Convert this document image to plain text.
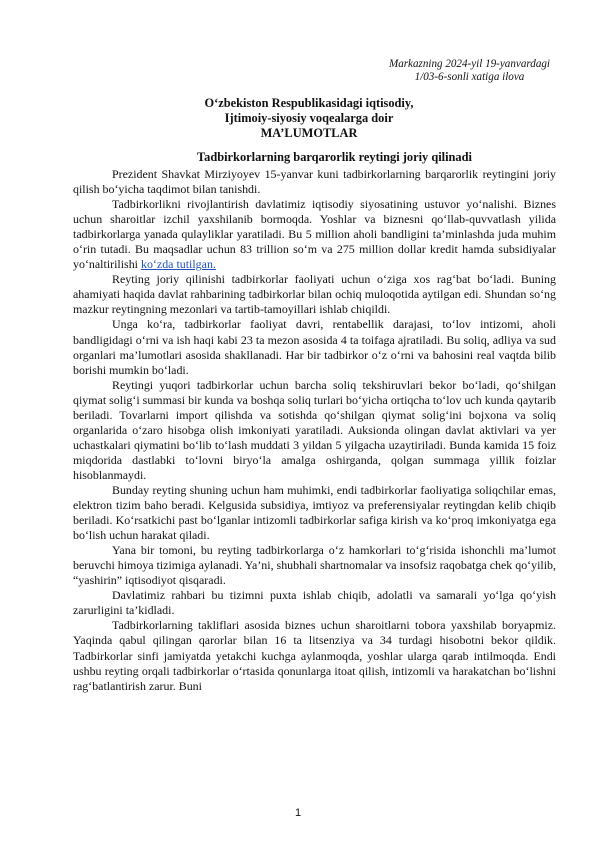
Markazning 2024-yil 19-yanvardagi
1/03-6-sonli xatiga ilova
O‘zbekiston Respublikasidagi iqtisodiy,
Ijtimoiy-siyosiy voqealarga doir
MA’LUMOTLAR
Tadbirkorlarning barqarorlik reytingi joriy qilinadi

Prezident Shavkat Mirziyoyev 15-yanvar kuni tadbirkorlarning barqarorlik reytingini joriy qilish bo‘yicha taqdimot bilan tanishdi.

Tadbirkorlikni rivojlantirish davlatimiz iqtisodiy siyosatining ustuvor yo‘nalishi. Biznes uchun sharoitlar izchil yaxshilanib bormoqda. Yoshlar va biznesni qo‘llab-quvvatlash yilida tadbirkorlarga yanada qulayliklar yaratiladi. Bu 5 million aholi bandligini ta’minlashda juda muhim o‘rin tutadi. Bu maqsadlar uchun 83 trillion so‘m va 275 million dollar kredit hamda subsidiyalar yo‘naltirilishi ko‘zda tutilgan.

Reyting joriy qilinishi tadbirkorlar faoliyati uchun o‘ziga xos rag‘bat bo‘ladi. Buning ahamiyati haqida davlat rahbarining tadbirkorlar bilan ochiq muloqotida aytilgan edi. Shundan so‘ng mazkur reytingning mezonlari va tartib-tamoyillari ishlab chiqildi.

Unga ko‘ra, tadbirkorlar faoliyat davri, rentabellik darajasi, to‘lov intizomi, aholi bandligidagi o‘rni va ish haqi kabi 23 ta mezon asosida 4 ta toifaga ajratiladi. Bu soliq, adliya va sud organlari ma’lumotlari asosida shakllanadi. Har bir tadbirkor o‘z o‘rni va bahosini real vaqtda bilib borishi mumkin bo‘ladi.

Reytingi yuqori tadbirkorlar uchun barcha soliq tekshiruvlari bekor bo‘ladi, qo‘shilgan qiymat solig‘i summasi bir kunda va boshqa soliq turlari bo‘yicha ortiqcha to‘lov uch kunda qaytarib beriladi. Tovarlarni import qilishda va sotishda qo‘shilgan qiymat solig‘ini bojxona va soliq organlarida o‘zaro hisobga olish imkoniyati yaratiladi. Auksionda olingan davlat aktivlari va yer uchastkalari qiymatini bo‘lib to‘lash muddati 3 yildan 5 yilgacha uzaytiriladi. Bunda kamida 15 foiz miqdorida dastlabki to‘lovni biryo‘la amalga oshirganda, qolgan summaga yillik foizlar hisoblanmaydi.

Bunday reyting shuning uchun ham muhimki, endi tadbirkorlar faoliyatiga soliqchilar emas, elektron tizim baho beradi. Kelgusida subsidiya, imtiyoz va preferensiyalar reytingdan kelib chiqib beriladi. Ko‘rsatkichi past bo‘lganlar intizomli tadbirkorlar safiga kirish va ko‘proq imkoniyatga ega bo‘lish uchun harakat qiladi.

Yana bir tomoni, bu reyting tadbirkorlarga o‘z hamkorlari to‘g‘risida ishonchli ma’lumot beruvchi himoya tizimiga aylanadi. Ya’ni, shubhali shartnomalar va insofsiz raqobatga chek qo‘yilib, “yashirin” iqtisodiyot qisqaradi.

Davlatimiz rahbari bu tizimni puxta ishlab chiqib, adolatli va samarali yo‘lga qo‘yish zarurligini ta’kidladi.

Tadbirkorlarning takliflari asosida biznes uchun sharoitlarni tobora yaxshilab boryapmiz. Yaqinda qabul qilingan qarorlar bilan 16 ta litsenziya va 34 turdagi hisobotni bekor qildik. Tadbirkorlar sinfi jamiyatda yetakchi kuchga aylanmoqda, yoshlar ularga qarab intilmoqda. Endi ushbu reyting orqali tadbirkorlar o‘rtasida qonunlarga itoat qilish, intizomli va harakatchan bo‘lishni rag‘batlantirish zarur. Buni

1
